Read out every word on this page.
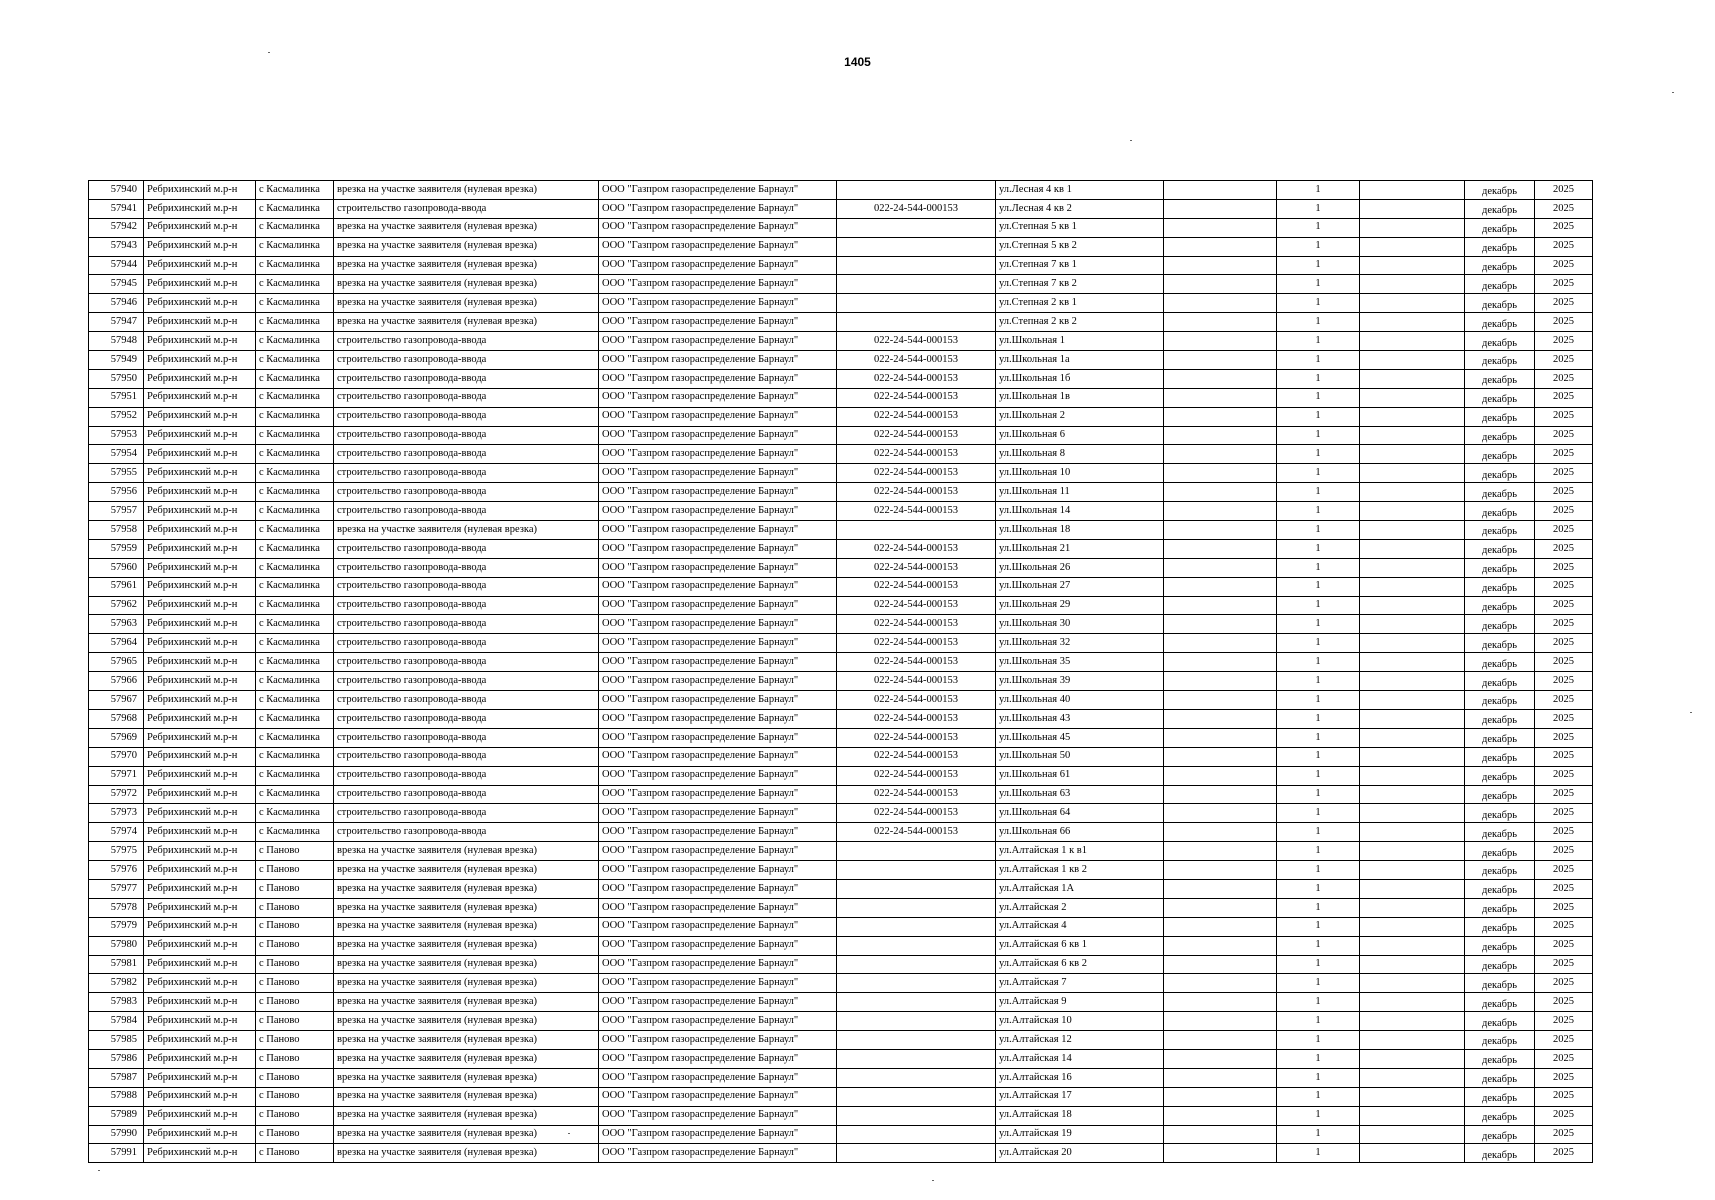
1405
57940	Ребрихинский м.р-н	с Касмалинка	врезка на участке заявителя (нулевая врезка)	ООО "Газпром газораспределение Барнаул"		ул.Лесная 4 кв 1		1		декабрь	2025
57941	Ребрихинский м.р-н	с Касмалинка	строительство газопровода-ввода	ООО "Газпром газораспределение Барнаул"	022-24-544-000153	ул.Лесная 4 кв 2		1		декабрь	2025
57942	Ребрихинский м.р-н	с Касмалинка	врезка на участке заявителя (нулевая врезка)	ООО "Газпром газораспределение Барнаул"		ул.Степная 5 кв 1		1		декабрь	2025
57943	Ребрихинский м.р-н	с Касмалинка	врезка на участке заявителя (нулевая врезка)	ООО "Газпром газораспределение Барнаул"		ул.Степная 5 кв 2		1		декабрь	2025
57944	Ребрихинский м.р-н	с Касмалинка	врезка на участке заявителя (нулевая врезка)	ООО "Газпром газораспределение Барнаул"		ул.Степная 7 кв 1		1		декабрь	2025
57945	Ребрихинский м.р-н	с Касмалинка	врезка на участке заявителя (нулевая врезка)	ООО "Газпром газораспределение Барнаул"		ул.Степная 7 кв 2		1		декабрь	2025
57946	Ребрихинский м.р-н	с Касмалинка	врезка на участке заявителя (нулевая врезка)	ООО "Газпром газораспределение Барнаул"		ул.Степная 2 кв 1		1		декабрь	2025
57947	Ребрихинский м.р-н	с Касмалинка	врезка на участке заявителя (нулевая врезка)	ООО "Газпром газораспределение Барнаул"		ул.Степная 2 кв 2		1		декабрь	2025
57948	Ребрихинский м.р-н	с Касмалинка	строительство газопровода-ввода	ООО "Газпром газораспределение Барнаул"	022-24-544-000153	ул.Школьная 1		1		декабрь	2025
57949	Ребрихинский м.р-н	с Касмалинка	строительство газопровода-ввода	ООО "Газпром газораспределение Барнаул"	022-24-544-000153	ул.Школьная 1а		1		декабрь	2025
57950	Ребрихинский м.р-н	с Касмалинка	строительство газопровода-ввода	ООО "Газпром газораспределение Барнаул"	022-24-544-000153	ул.Школьная 1б		1		декабрь	2025
57951	Ребрихинский м.р-н	с Касмалинка	строительство газопровода-ввода	ООО "Газпром газораспределение Барнаул"	022-24-544-000153	ул.Школьная 1в		1		декабрь	2025
57952	Ребрихинский м.р-н	с Касмалинка	строительство газопровода-ввода	ООО "Газпром газораспределение Барнаул"	022-24-544-000153	ул.Школьная 2		1		декабрь	2025
57953	Ребрихинский м.р-н	с Касмалинка	строительство газопровода-ввода	ООО "Газпром газораспределение Барнаул"	022-24-544-000153	ул.Школьная 6		1		декабрь	2025
57954	Ребрихинский м.р-н	с Касмалинка	строительство газопровода-ввода	ООО "Газпром газораспределение Барнаул"	022-24-544-000153	ул.Школьная 8		1		декабрь	2025
57955	Ребрихинский м.р-н	с Касмалинка	строительство газопровода-ввода	ООО "Газпром газораспределение Барнаул"	022-24-544-000153	ул.Школьная 10		1		декабрь	2025
57956	Ребрихинский м.р-н	с Касмалинка	строительство газопровода-ввода	ООО "Газпром газораспределение Барнаул"	022-24-544-000153	ул.Школьная 11		1		декабрь	2025
57957	Ребрихинский м.р-н	с Касмалинка	строительство газопровода-ввода	ООО "Газпром газораспределение Барнаул"	022-24-544-000153	ул.Школьная 14		1		декабрь	2025
57958	Ребрихинский м.р-н	с Касмалинка	врезка на участке заявителя (нулевая врезка)	ООО "Газпром газораспределение Барнаул"		ул.Школьная 18		1		декабрь	2025
57959	Ребрихинский м.р-н	с Касмалинка	строительство газопровода-ввода	ООО "Газпром газораспределение Барнаул"	022-24-544-000153	ул.Школьная 21		1		декабрь	2025
57960	Ребрихинский м.р-н	с Касмалинка	строительство газопровода-ввода	ООО "Газпром газораспределение Барнаул"	022-24-544-000153	ул.Школьная 26		1		декабрь	2025
57961	Ребрихинский м.р-н	с Касмалинка	строительство газопровода-ввода	ООО "Газпром газораспределение Барнаул"	022-24-544-000153	ул.Школьная 27		1		декабрь	2025
57962	Ребрихинский м.р-н	с Касмалинка	строительство газопровода-ввода	ООО "Газпром газораспределение Барнаул"	022-24-544-000153	ул.Школьная 29		1		декабрь	2025
57963	Ребрихинский м.р-н	с Касмалинка	строительство газопровода-ввода	ООО "Газпром газораспределение Барнаул"	022-24-544-000153	ул.Школьная 30		1		декабрь	2025
57964	Ребрихинский м.р-н	с Касмалинка	строительство газопровода-ввода	ООО "Газпром газораспределение Барнаул"	022-24-544-000153	ул.Школьная 32		1		декабрь	2025
57965	Ребрихинский м.р-н	с Касмалинка	строительство газопровода-ввода	ООО "Газпром газораспределение Барнаул"	022-24-544-000153	ул.Школьная 35		1		декабрь	2025
57966	Ребрихинский м.р-н	с Касмалинка	строительство газопровода-ввода	ООО "Газпром газораспределение Барнаул"	022-24-544-000153	ул.Школьная 39		1		декабрь	2025
57967	Ребрихинский м.р-н	с Касмалинка	строительство газопровода-ввода	ООО "Газпром газораспределение Барнаул"	022-24-544-000153	ул.Школьная 40		1		декабрь	2025
57968	Ребрихинский м.р-н	с Касмалинка	строительство газопровода-ввода	ООО "Газпром газораспределение Барнаул"	022-24-544-000153	ул.Школьная 43		1		декабрь	2025
57969	Ребрихинский м.р-н	с Касмалинка	строительство газопровода-ввода	ООО "Газпром газораспределение Барнаул"	022-24-544-000153	ул.Школьная 45		1		декабрь	2025
57970	Ребрихинский м.р-н	с Касмалинка	строительство газопровода-ввода	ООО "Газпром газораспределение Барнаул"	022-24-544-000153	ул.Школьная 50		1		декабрь	2025
57971	Ребрихинский м.р-н	с Касмалинка	строительство газопровода-ввода	ООО "Газпром газораспределение Барнаул"	022-24-544-000153	ул.Школьная 61		1		декабрь	2025
57972	Ребрихинский м.р-н	с Касмалинка	строительство газопровода-ввода	ООО "Газпром газораспределение Барнаул"	022-24-544-000153	ул.Школьная 63		1		декабрь	2025
57973	Ребрихинский м.р-н	с Касмалинка	строительство газопровода-ввода	ООО "Газпром газораспределение Барнаул"	022-24-544-000153	ул.Школьная 64		1		декабрь	2025
57974	Ребрихинский м.р-н	с Касмалинка	строительство газопровода-ввода	ООО "Газпром газораспределение Барнаул"	022-24-544-000153	ул.Школьная 66		1		декабрь	2025
57975	Ребрихинский м.р-н	с Паново	врезка на участке заявителя (нулевая врезка)	ООО "Газпром газораспределение Барнаул"		ул.Алтайская 1 к в1		1		декабрь	2025
57976	Ребрихинский м.р-н	с Паново	врезка на участке заявителя (нулевая врезка)	ООО "Газпром газораспределение Барнаул"		ул.Алтайская 1 кв 2		1		декабрь	2025
57977	Ребрихинский м.р-н	с Паново	врезка на участке заявителя (нулевая врезка)	ООО "Газпром газораспределение Барнаул"		ул.Алтайская 1А		1		декабрь	2025
57978	Ребрихинский м.р-н	с Паново	врезка на участке заявителя (нулевая врезка)	ООО "Газпром газораспределение Барнаул"		ул.Алтайская 2		1		декабрь	2025
57979	Ребрихинский м.р-н	с Паново	врезка на участке заявителя (нулевая врезка)	ООО "Газпром газораспределение Барнаул"		ул.Алтайская 4		1		декабрь	2025
57980	Ребрихинский м.р-н	с Паново	врезка на участке заявителя (нулевая врезка)	ООО "Газпром газораспределение Барнаул"		ул.Алтайская 6 кв 1		1		декабрь	2025
57981	Ребрихинский м.р-н	с Паново	врезка на участке заявителя (нулевая врезка)	ООО "Газпром газораспределение Барнаул"		ул.Алтайская 6 кв 2		1		декабрь	2025
57982	Ребрихинский м.р-н	с Паново	врезка на участке заявителя (нулевая врезка)	ООО "Газпром газораспределение Барнаул"		ул.Алтайская 7		1		декабрь	2025
57983	Ребрихинский м.р-н	с Паново	врезка на участке заявителя (нулевая врезка)	ООО "Газпром газораспределение Барнаул"		ул.Алтайская 9		1		декабрь	2025
57984	Ребрихинский м.р-н	с Паново	врезка на участке заявителя (нулевая врезка)	ООО "Газпром газораспределение Барнаул"		ул.Алтайская 10		1		декабрь	2025
57985	Ребрихинский м.р-н	с Паново	врезка на участке заявителя (нулевая врезка)	ООО "Газпром газораспределение Барнаул"		ул.Алтайская 12		1		декабрь	2025
57986	Ребрихинский м.р-н	с Паново	врезка на участке заявителя (нулевая врезка)	ООО "Газпром газораспределение Барнаул"		ул.Алтайская 14		1		декабрь	2025
57987	Ребрихинский м.р-н	с Паново	врезка на участке заявителя (нулевая врезка)	ООО "Газпром газораспределение Барнаул"		ул.Алтайская 16		1		декабрь	2025
57988	Ребрихинский м.р-н	с Паново	врезка на участке заявителя (нулевая врезка)	ООО "Газпром газораспределение Барнаул"		ул.Алтайская 17		1		декабрь	2025
57989	Ребрихинский м.р-н	с Паново	врезка на участке заявителя (нулевая врезка)	ООО "Газпром газораспределение Барнаул"		ул.Алтайская 18		1		декабрь	2025
57990	Ребрихинский м.р-н	с Паново	врезка на участке заявителя (нулевая врезка)	ООО "Газпром газораспределение Барнаул"		ул.Алтайская 19		1		декабрь	2025
57991	Ребрихинский м.р-н	с Паново	врезка на участке заявителя (нулевая врезка)	ООО "Газпром газораспределение Барнаул"		ул.Алтайская 20		1		декабрь	2025
